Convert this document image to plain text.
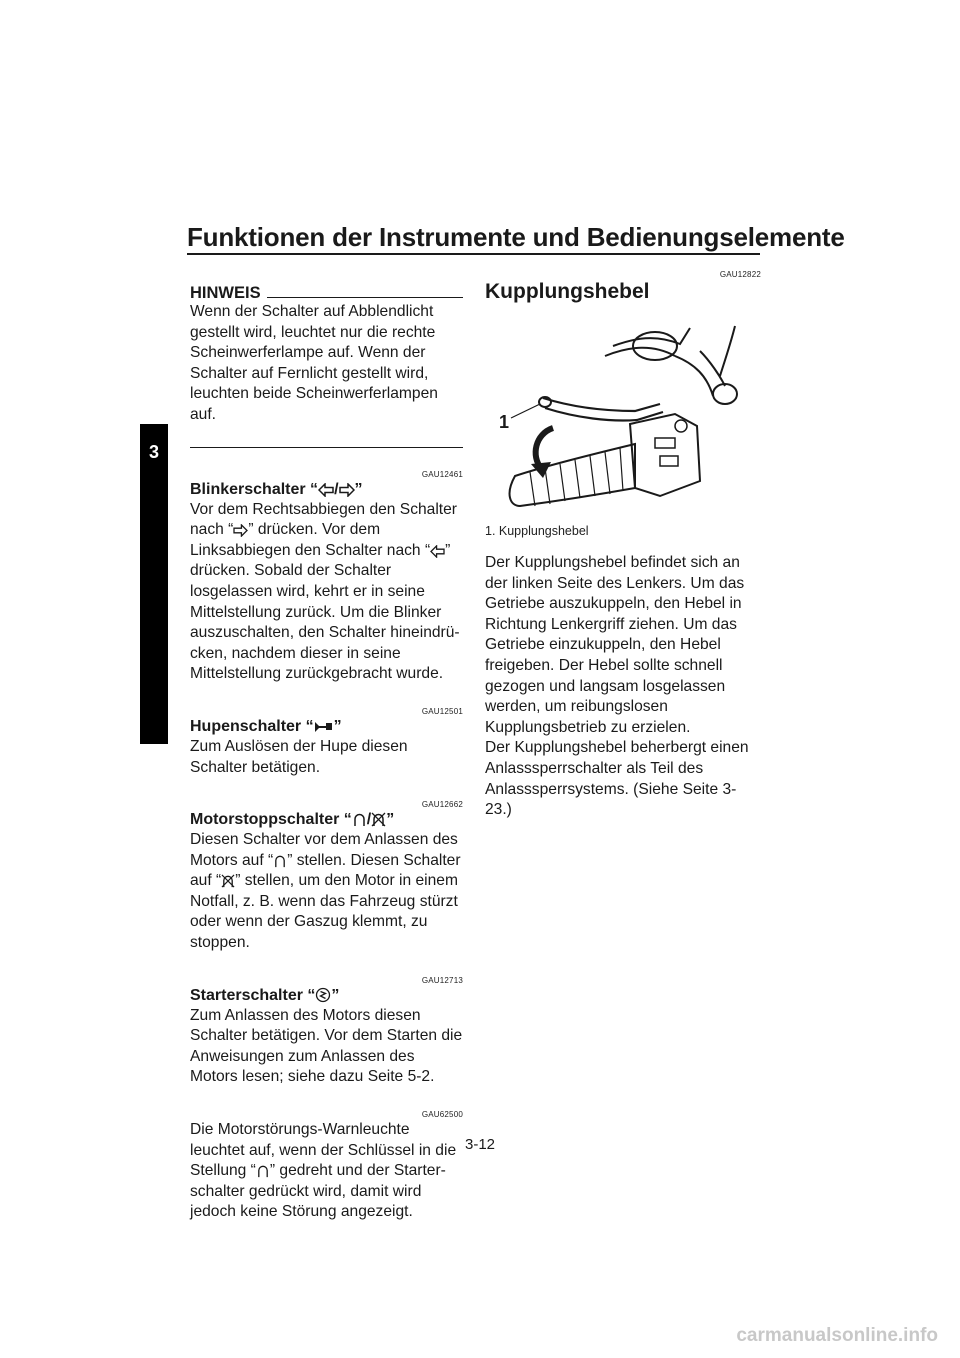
Funktionen der Instrumente und Bedienungselemente
3
HINWEIS

Wenn der Schalter auf Abblendlicht gestellt wird, leuchtet nur die rechte Scheinwerferlampe auf. Wenn der Schalter auf Fernlicht gestellt wird, leuchten beide Scheinwerferlampen auf.

GAU12461
Blinkerschalter “ / ”

Vor dem Rechtsabbiegen den Schalter nach “ ” drücken. Vor dem Linksabbiegen den Schalter nach “ ” drücken. Sobald der Schalter losgelassen wird, kehrt er in seine Mittelstellung zurück. Um die Blinker auszuschalten, den Schalter hineindrücken, nachdem dieser in seine Mittelstellung zurückgebracht wurde.

GAU12501
Hupenschalter “ ”

Zum Auslösen der Hupe diesen Schalter betätigen.

GAU12662
Motorstoppschalter “ / ”

Diesen Schalter vor dem Anlassen des Motors auf “ ” stellen. Diesen Schalter auf “ ” stellen, um den Motor in einem Notfall, z. B. wenn das Fahrzeug stürzt oder wenn der Gaszug klemmt, zu stoppen.

GAU12713
Starterschalter “ ”

Zum Anlassen des Motors diesen Schalter betätigen. Vor dem Starten die Anweisungen zum Anlassen des Motors lesen; siehe dazu Seite 5-2.

GAU62500

Die Motorstörungs-Warnleuchte leuchtet auf, wenn der Schlüssel in die Stellung “ ” gedreht und der Starterschalter gedrückt wird, damit wird jedoch keine Störung angezeigt.

GAU12822
Kupplungshebel
1
1. Kupplungshebel

Der Kupplungshebel befindet sich an der linken Seite des Lenkers. Um das Getriebe auszukuppeln, den Hebel in Richtung Lenkergriff ziehen. Um das Getriebe einzukuppeln, den Hebel freigeben. Der Hebel sollte schnell gezogen und langsam losgelassen werden, um reibungslosen Kupplungsbetrieb zu erzielen.

Der Kupplungshebel beherbergt einen Anlasssperrschalter als Teil des Anlasssperrsystems. (Siehe Seite 3-23.)

3-12
carmanualsonline.info
